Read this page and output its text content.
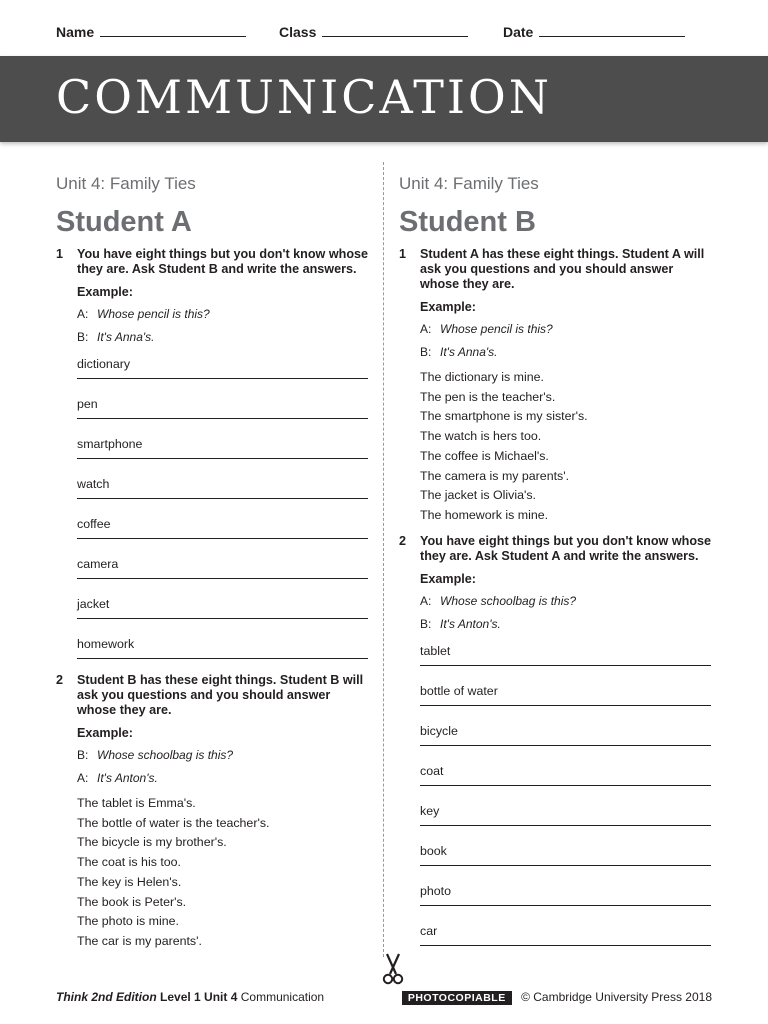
Name	Class	Date
COMMUNICATION
Unit 4: Family Ties
Student A
1 You have eight things but you don't know whose they are. Ask Student B and write the answers.
Example:
A: Whose pencil is this?
B: It's Anna's.
dictionary
pen
smartphone
watch
coffee
camera
jacket
homework
2 Student B has these eight things. Student B will ask you questions and you should answer whose they are.
Example:
B: Whose schoolbag is this?
A: It's Anton's.
The tablet is Emma's.
The bottle of water is the teacher's.
The bicycle is my brother's.
The coat is his too.
The key is Helen's.
The book is Peter's.
The photo is mine.
The car is my parents'.
Unit 4: Family Ties
Student B
1 Student A has these eight things. Student A will ask you questions and you should answer whose they are.
Example:
A: Whose pencil is this?
B: It's Anna's.
The dictionary is mine.
The pen is the teacher's.
The smartphone is my sister's.
The watch is hers too.
The coffee is Michael's.
The camera is my parents'.
The jacket is Olivia's.
The homework is mine.
2 You have eight things but you don't know whose they are. Ask Student A and write the answers.
Example:
A: Whose schoolbag is this?
B: It's Anton's.
tablet
bottle of water
bicycle
coat
key
book
photo
car
Think 2nd Edition Level 1 Unit 4 Communication	PHOTOCOPIABLE © Cambridge University Press 2018
